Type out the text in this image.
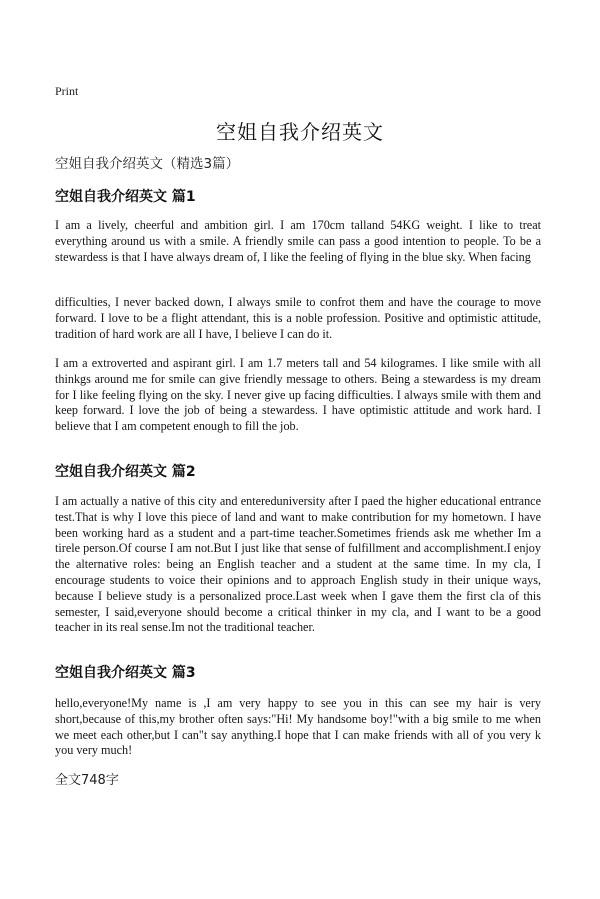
Print
空姐自我介绍英文
空姐自我介绍英文（精选3篇）
空姐自我介绍英文 篇1
I am a lively, cheerful and ambition girl. I am 170cm talland 54KG weight. I like to treat everything around us with a smile. A friendly smile can pass a good intention to people. To be a stewardess is that I have always dream of, I like the feeling of flying in the blue sky. When facing
difficulties, I never backed down, I always smile to confrot them and have the courage to move forward. I love to be a flight attendant, this is a noble profession. Positive and optimistic attitude, tradition of hard work are all I have, I believe I can do it.
I am a extroverted and aspirant girl. I am 1.7 meters tall and 54 kilogrames. I like smile with all thinkgs around me for smile can give friendly message to others. Being a stewardess is my dream for I like feeling flying on the sky. I never give up facing difficulties. I always smile with them and keep forward. I love the job of being a stewardess. I have optimistic attitude and work hard. I believe that I am competent enough to fill the job.
空姐自我介绍英文 篇2
I am actually a native of this city and entereduniversity after I paed the higher educational entrance test.That is why I love this piece of land and want to make contribution for my hometown. I have been working hard as a student and a part-time teacher.Sometimes friends ask me whether Im a tirele person.Of course I am not.But I just like that sense of fulfillment and accomplishment.I enjoy the alternative roles: being an English teacher and a student at the same time. In my cla, I encourage students to voice their opinions and to approach English study in their unique ways, because I believe study is a personalized proce.Last week when I gave them the first cla of this semester, I said,everyone should become a critical thinker in my cla, and I want to be a good teacher in its real sense.Im not the traditional teacher.
空姐自我介绍英文 篇3
hello,everyone!My name is ,I am very happy to see you in this can see my hair is very short,because of this,my brother often says:"Hi! My handsome boy!"with a big smile to me when we meet each other,but I can"t say anything.I hope that I can make friends with all of you very k you very much!
全文748字
